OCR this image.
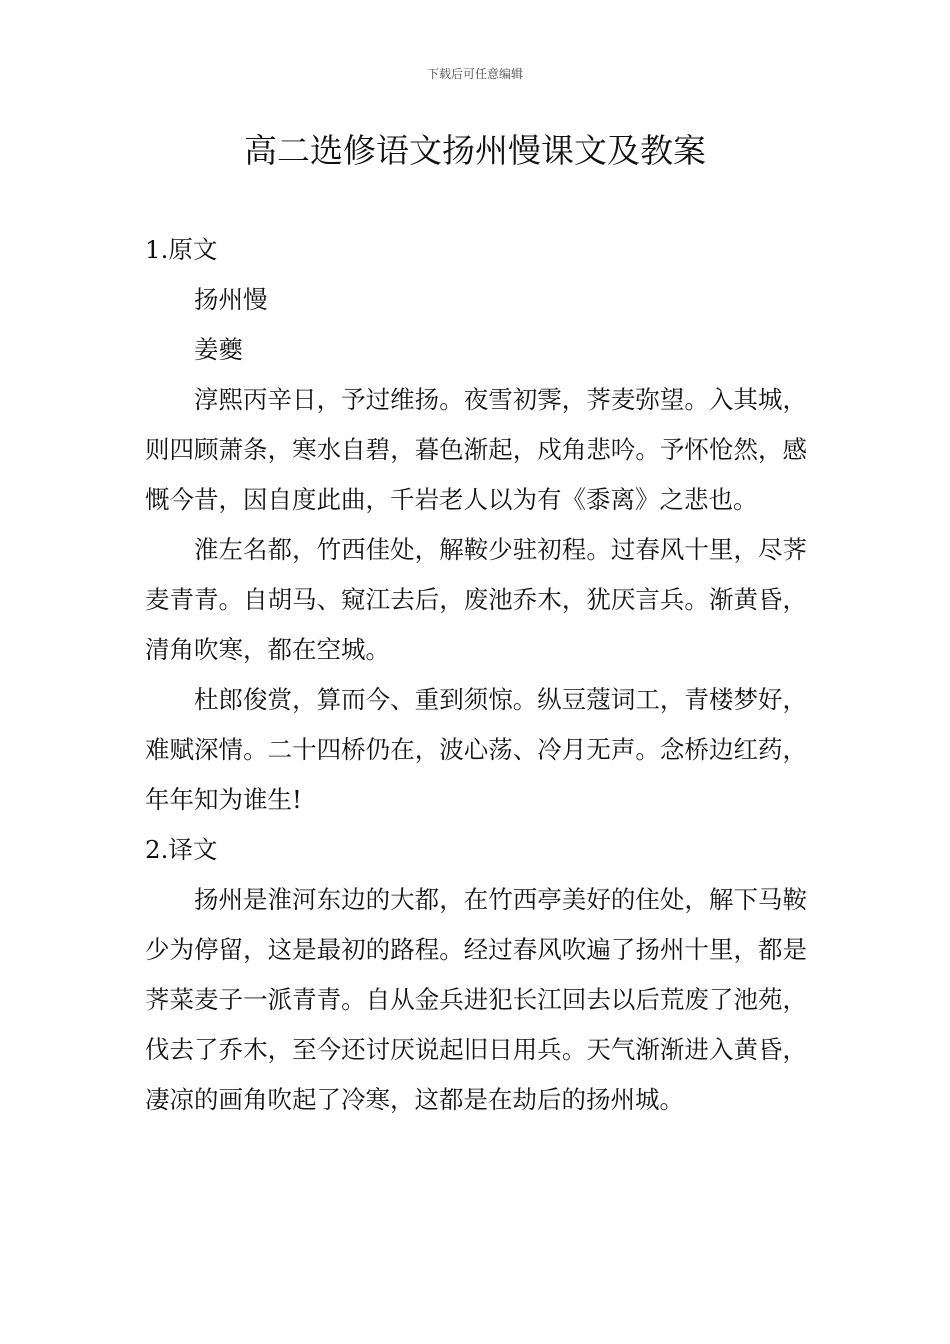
下载后可任意编辑
高二选修语文扬州慢课文及教案

1.原文

扬州慢

姜夔

淳熙丙辛日，予过维扬。夜雪初霁，荠麦弥望。入其城，则四顾萧条，寒水自碧，暮色渐起，戍角悲吟。予怀怆然，感慨今昔，因自度此曲，千岩老人以为有《黍离》之悲也。

淮左名都，竹西佳处，解鞍少驻初程。过春风十里，尽荠麦青青。自胡马、窥江去后，废池乔木，犹厌言兵。渐黄昏，清角吹寒，都在空城。

杜郎俊赏，算而今、重到须惊。纵豆蔻词工，青楼梦好，难赋深情。二十四桥仍在，波心荡、冷月无声。念桥边红药，年年知为谁生!

2.译文

扬州是淮河东边的大都，在竹西亭美好的住处，解下马鞍少为停留，这是最初的路程。经过春风吹遍了扬州十里，都是荠菜麦子一派青青。自从金兵进犯长江回去以后荒废了池苑，伐去了乔木，至今还讨厌说起旧日用兵。天气渐渐进入黄昏，凄凉的画角吹起了冷寒，这都是在劫后的扬州城。
